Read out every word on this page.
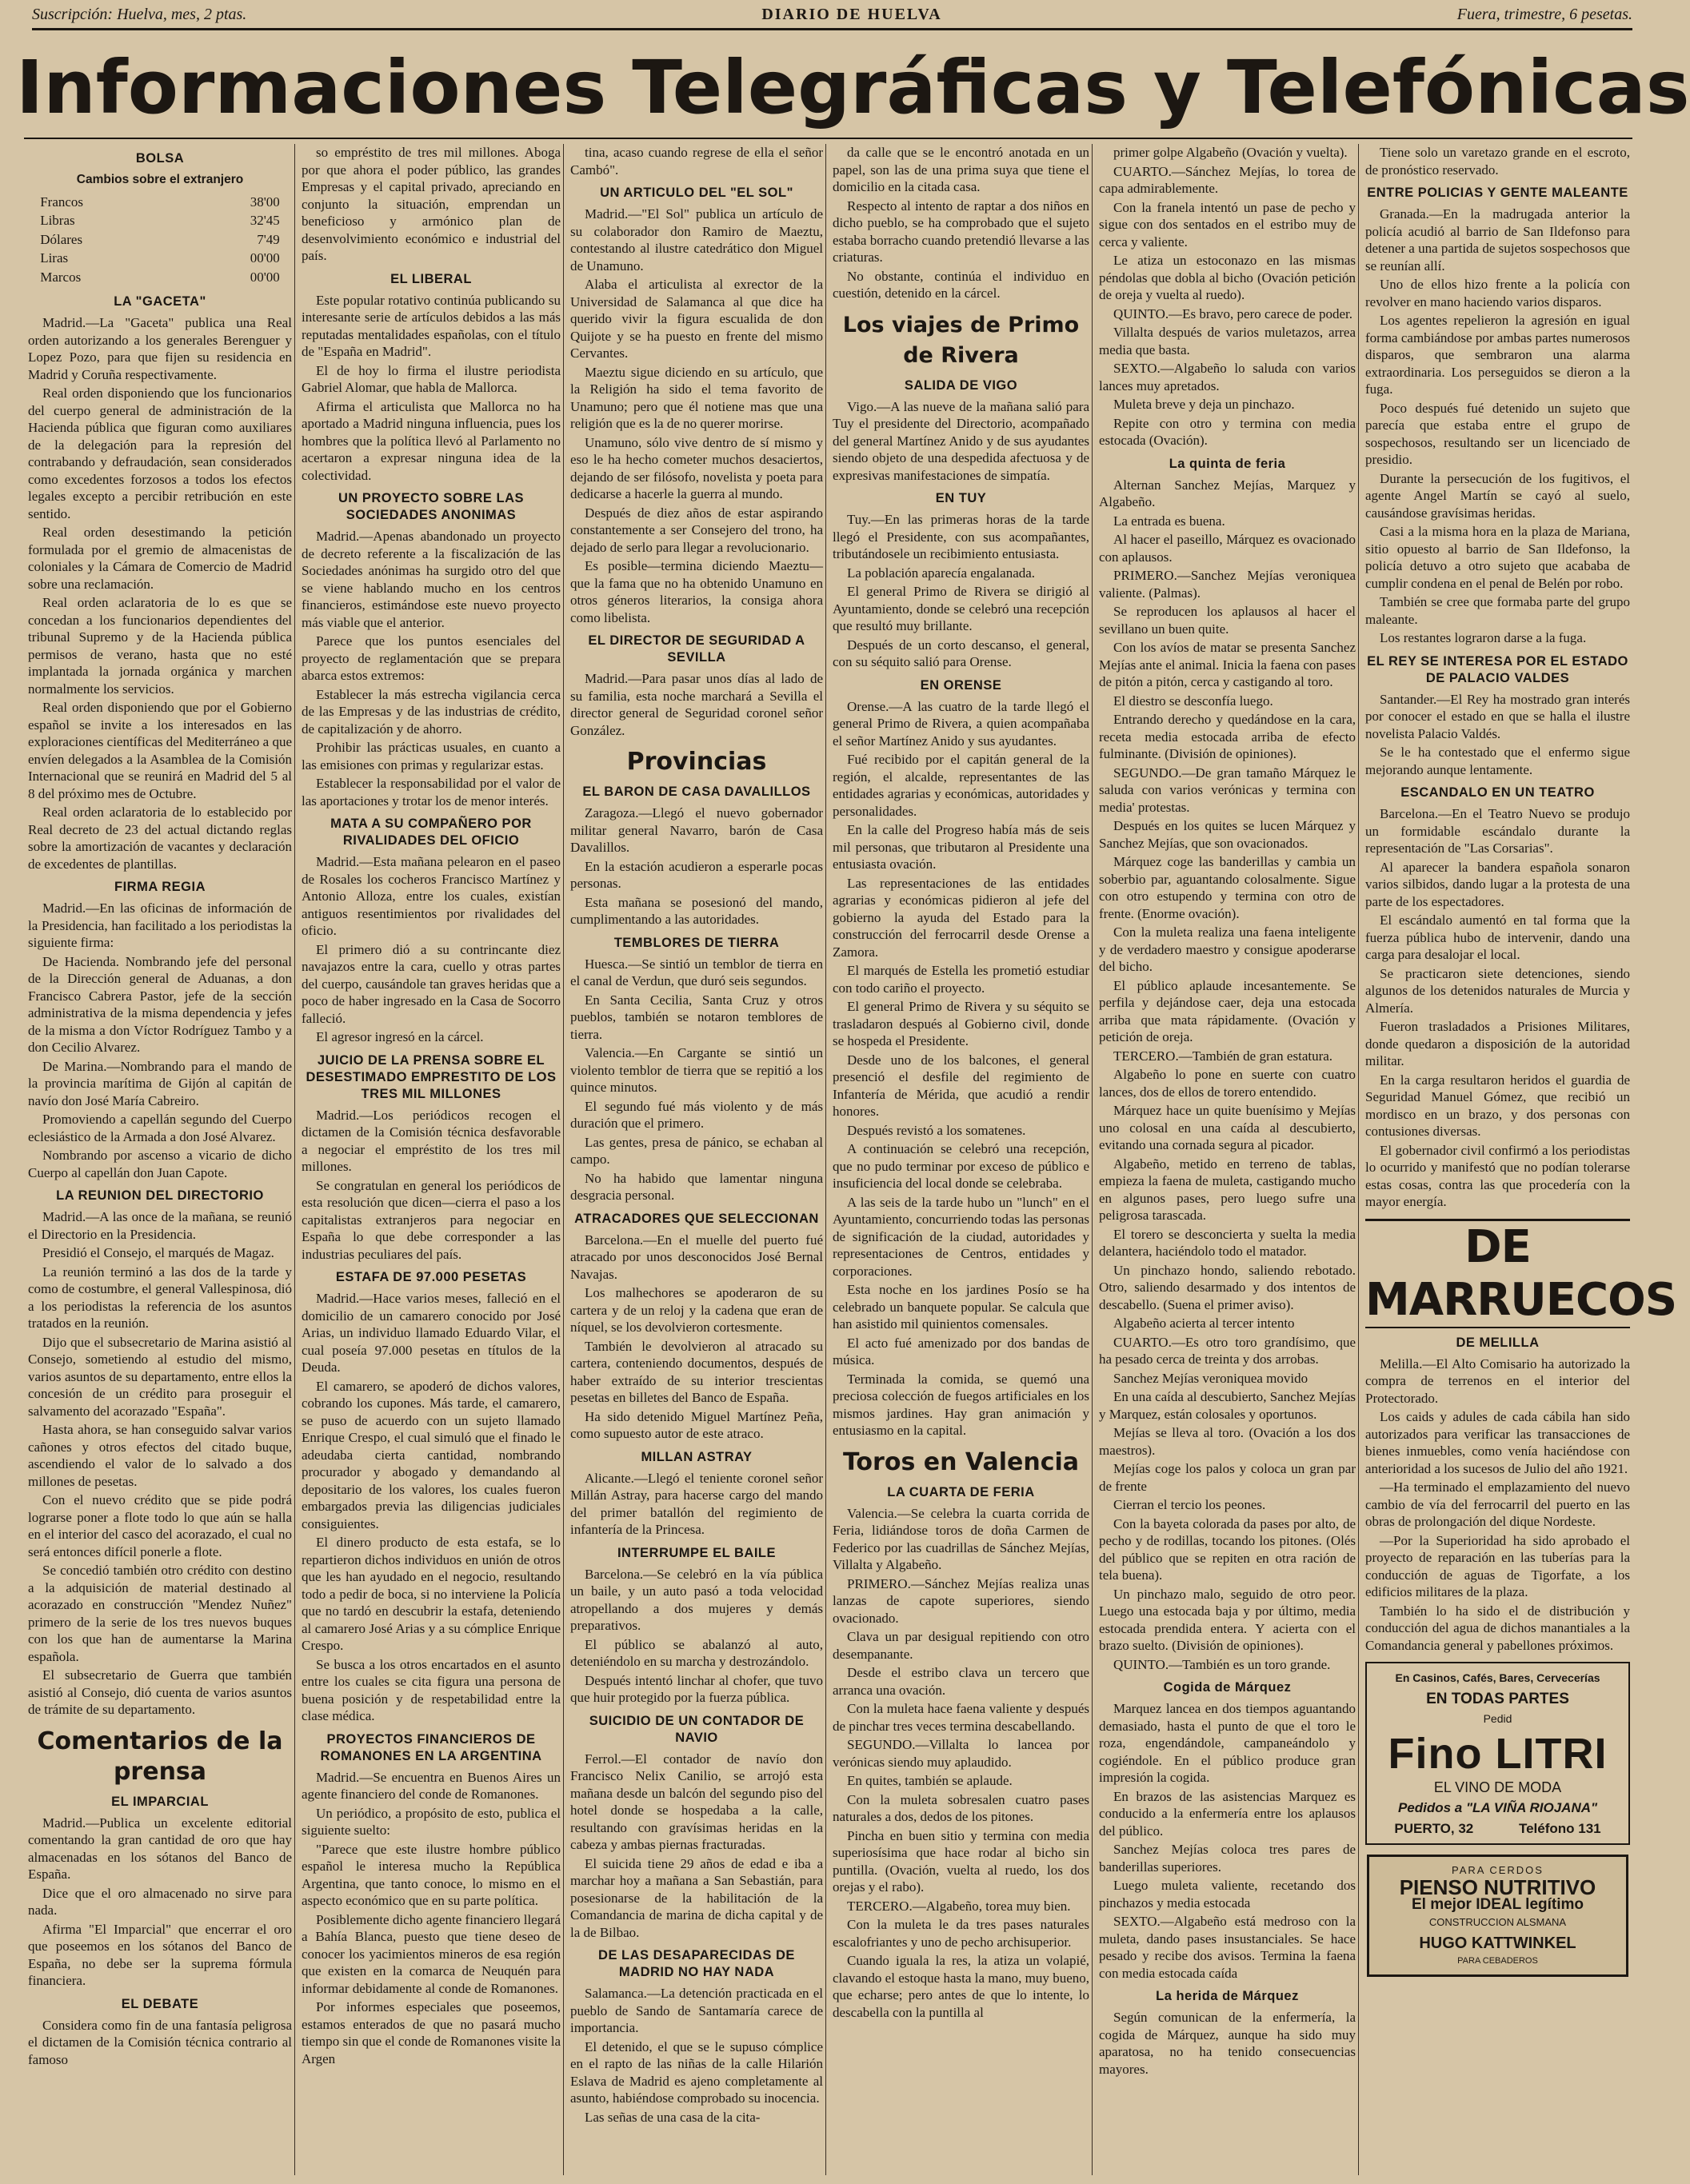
Suscripción: Huelva, mes, 2 ptas.	DIARIO DE HUELVA	Fuera, trimestre, 6 pesetas.
Informaciones Telegráficas y Telefónicas
BOLSA
Cambios sobre el extranjero
Francos	38'00
Libras	32'45
Dólares	7'49
Liras	00'00
Marcos	00'00
LA "GACETA"

Madrid.—La "Gaceta" publica una Real orden autorizando a los generales Berenguer y Lopez Pozo, para que fijen su residencia en Madrid y Coruña respectivamente.

Real orden disponiendo que los funcionarios del cuerpo general de administración de la Hacienda pública que figuran como auxiliares de la delegación para la represión del contrabando y defraudación, sean considerados como excedentes forzosos a todos los efectos legales excepto a percibir retribución en este sentido.

Real orden desestimando la petición formulada por el gremio de almacenistas de coloniales y la Cámara de Comercio de Madrid sobre una reclamación.

Real orden aclaratoria de lo es que se concedan a los funcionarios dependientes del tribunal Supremo y de la Hacienda pública permisos de verano, hasta que no esté implantada la jornada orgánica y marchen normalmente los servicios.

Real orden disponiendo que por el Gobierno español se invite a los interesados en las exploraciones científicas del Mediterráneo a que envíen delegados a la Asamblea de la Comisión Internacional que se reunirá en Madrid del 5 al 8 del próximo mes de Octubre.

Real orden aclaratoria de lo establecido por Real decreto de 23 del actual dictando reglas sobre la amortización de vacantes y declaración de excedentes de plantillas.

FIRMA REGIA

Madrid.—En las oficinas de información de la Presidencia, han facilitado a los periodistas la siguiente firma:

De Hacienda. Nombrando jefe del personal de la Dirección general de Aduanas, a don Francisco Cabrera Pastor, jefe de la sección administrativa de la misma dependencia y jefes de la misma a don Víctor Rodríguez Tambo y a don Cecilio Alvarez.

De Marina.—Nombrando para el mando de la provincia marítima de Gijón al capitán de navío don José María Cabreiro.

Promoviendo a capellán segundo del Cuerpo eclesiástico de la Armada a don José Alvarez.

Nombrando por ascenso a vicario de dicho Cuerpo al capellán don Juan Capote.

LA REUNION DEL DIRECTORIO

Madrid.—A las once de la mañana, se reunió el Directorio en la Presidencia.

Presidió el Consejo, el marqués de Magaz.

La reunión terminó a las dos de la tarde y como de costumbre, el general Vallespinosa, dió a los periodistas la referencia de los asuntos tratados en la reunión.

Dijo que el subsecretario de Marina asistió al Consejo, sometiendo al estudio del mismo, varios asuntos de su departamento, entre ellos la concesión de un crédito para proseguir el salvamento del acorazado "España".

Hasta ahora, se han conseguido salvar varios cañones y otros efectos del citado buque, ascendiendo el valor de lo salvado a dos millones de pesetas.

Con el nuevo crédito que se pide podrá lograrse poner a flote todo lo que aún se halla en el interior del casco del acorazado, el cual no será entonces difícil ponerle a flote.

Se concedió también otro crédito con destino a la adquisición de material destinado al acorazado en construcción "Mendez Nuñez" primero de la serie de los tres nuevos buques con los que han de aumentarse la Marina española.

El subsecretario de Guerra que también asistió al Consejo, dió cuenta de varios asuntos de trámite de su departamento.

Comentarios de la prensa
EL IMPARCIAL

Madrid.—Publica un excelente editorial comentando la gran cantidad de oro que hay almacenadas en los sótanos del Banco de España.

Dice que el oro almacenado no sirve para nada.

Afirma "El Imparcial" que encerrar el oro que poseemos en los sótanos del Banco de España, no debe ser la suprema fórmula financiera.

EL DEBATE

Considera como fin de una fantasía peligrosa el dictamen de la Comisión técnica contrario al famoso

so empréstito de tres mil millones. Aboga por que ahora el poder público, las grandes Empresas y el capital privado, apreciando en conjunto la situación, emprendan un beneficioso y armónico plan de desenvolvimiento económico e industrial del país.

EL LIBERAL

Este popular rotativo continúa publicando su interesante serie de artículos debidos a las más reputadas mentalidades españolas, con el título de "España en Madrid".

El de hoy lo firma el ilustre periodista Gabriel Alomar, que habla de Mallorca.

Afirma el articulista que Mallorca no ha aportado a Madrid ninguna influencia, pues los hombres que la política llevó al Parlamento no acertaron a expresar ninguna idea de la colectividad.

UN PROYECTO SOBRE LAS SOCIEDADES ANONIMAS

Madrid.—Apenas abandonado un proyecto de decreto referente a la fiscalización de las Sociedades anónimas ha surgido otro del que se viene hablando mucho en los centros financieros, estimándose este nuevo proyecto más viable que el anterior.

Parece que los puntos esenciales del proyecto de reglamentación que se prepara abarca estos extremos:

Establecer la más estrecha vigilancia cerca de las Empresas y de las industrias de crédito, de capitalización y de ahorro.

Prohibir las prácticas usuales, en cuanto a las emisiones con primas y regularizar estas.

Establecer la responsabilidad por el valor de las aportaciones y trotar los de menor interés.

MATA A SU COMPAÑERO POR RIVALIDADES DEL OFICIO

Madrid.—Esta mañana pelearon en el paseo de Rosales los cocheros Francisco Martínez y Antonio Alloza, entre los cuales, existían antiguos resentimientos por rivalidades del oficio.

El primero dió a su contrincante diez navajazos entre la cara, cuello y otras partes del cuerpo, causándole tan graves heridas que a poco de haber ingresado en la Casa de Socorro falleció.

El agresor ingresó en la cárcel.

JUICIO DE LA PRENSA SOBRE EL DESESTIMADO EMPRESTITO DE LOS TRES MIL MILLONES

Madrid.—Los periódicos recogen el dictamen de la Comisión técnica desfavorable a negociar el empréstito de los tres mil millones.

Se congratulan en general los periódicos de esta resolución que dicen—cierra el paso a los capitalistas extranjeros para negociar en España lo que debe corresponder a las industrias peculiares del país.

ESTAFA DE 97.000 PESETAS

Madrid.—Hace varios meses, falleció en el domicilio de un camarero conocido por José Arias, un individuo llamado Eduardo Vilar, el cual poseía 97.000 pesetas en títulos de la Deuda.

El camarero, se apoderó de dichos valores, cobrando los cupones. Más tarde, el camarero, se puso de acuerdo con un sujeto llamado Enrique Crespo, el cual simuló que el finado le adeudaba cierta cantidad, nombrando procurador y abogado y demandando al depositario de los valores, los cuales fueron embargados previa las diligencias judiciales consiguientes.

El dinero producto de esta estafa, se lo repartieron dichos individuos en unión de otros que les han ayudado en el negocio, resultando todo a pedir de boca, si no interviene la Policía que no tardó en descubrir la estafa, deteniendo al camarero José Arias y a su cómplice Enrique Crespo.

Se busca a los otros encartados en el asunto entre los cuales se cita figura una persona de buena posición y de respetabilidad entre la clase médica.

PROYECTOS FINANCIEROS DE ROMANONES EN LA ARGENTINA

Madrid.—Se encuentra en Buenos Aires un agente financiero del conde de Romanones.

Un periódico, a propósito de esto, publica el siguiente suelto:

"Parece que este ilustre hombre público español le interesa mucho la República Argentina, que tanto conoce, lo mismo en el aspecto económico que en su parte política.

Posiblemente dicho agente financiero llegará a Bahía Blanca, puesto que tiene deseo de conocer los yacimientos mineros de esa región que existen en la comarca de Neuquén para informar debidamente al conde de Romanones.

Por informes especiales que poseemos, estamos enterados de que no pasará mucho tiempo sin que el conde de Romanones visite la Argen

tina, acaso cuando regrese de ella el señor Cambó".

UN ARTICULO DEL "EL SOL"

Madrid.—"El Sol" publica un artículo de su colaborador don Ramiro de Maeztu, contestando al ilustre catedrático don Miguel de Unamuno.

Alaba el articulista al exrector de la Universidad de Salamanca al que dice ha querido vivir la figura escualida de don Quijote y se ha puesto en frente del mismo Cervantes.

Maeztu sigue diciendo en su artículo, que la Religión ha sido el tema favorito de Unamuno; pero que él notiene mas que una religión que es la de no querer morirse.

Unamuno, sólo vive dentro de sí mismo y eso le ha hecho cometer muchos desaciertos, dejando de ser filósofo, novelista y poeta para dedicarse a hacerle la guerra al mundo.

Después de diez años de estar aspirando constantemente a ser Consejero del trono, ha dejado de serlo para llegar a revolucionario.

Es posible—termina diciendo Maeztu—que la fama que no ha obtenido Unamuno en otros géneros literarios, la consiga ahora como libelista.

EL DIRECTOR DE SEGURIDAD A SEVILLA

Madrid.—Para pasar unos días al lado de su familia, esta noche marchará a Sevilla el director general de Seguridad coronel señor González.

Provincias
EL BARON DE CASA DAVALILLOS

Zaragoza.—Llegó el nuevo gobernador militar general Navarro, barón de Casa Davalillos.

En la estación acudieron a esperarle pocas personas.

Esta mañana se posesionó del mando, cumplimentando a las autoridades.

TEMBLORES DE TIERRA

Huesca.—Se sintió un temblor de tierra en el canal de Verdun, que duró seis segundos.

En Santa Cecilia, Santa Cruz y otros pueblos, también se notaron temblores de tierra.

Valencia.—En Cargante se sintió un violento temblor de tierra que se repitió a los quince minutos.

El segundo fué más violento y de más duración que el primero.

Las gentes, presa de pánico, se echaban al campo.

No ha habido que lamentar ninguna desgracia personal.

ATRACADORES QUE SELECCIONAN

Barcelona.—En el muelle del puerto fué atracado por unos desconocidos José Bernal Navajas.

Los malhechores se apoderaron de su cartera y de un reloj y la cadena que eran de níquel, se los devolvieron cortesmente.

También le devolvieron al atracado su cartera, conteniendo documentos, después de haber extraído de su interior trescientas pesetas en billetes del Banco de España.

Ha sido detenido Miguel Martínez Peña, como supuesto autor de este atraco.

MILLAN ASTRAY

Alicante.—Llegó el teniente coronel señor Millán Astray, para hacerse cargo del mando del primer batallón del regimiento de infantería de la Princesa.

INTERRUMPE EL BAILE

Barcelona.—Se celebró en la vía pública un baile, y un auto pasó a toda velocidad atropellando a dos mujeres y demás preparativos.

El público se abalanzó al auto, deteniéndolo en su marcha y destrozándolo.

Después intentó linchar al chofer, que tuvo que huir protegido por la fuerza pública.

SUICIDIO DE UN CONTADOR DE NAVIO

Ferrol.—El contador de navío don Francisco Nelix Canilio, se arrojó esta mañana desde un balcón del segundo piso del hotel donde se hospedaba a la calle, resultando con gravísimas heridas en la cabeza y ambas piernas fracturadas.

El suicida tiene 29 años de edad e iba a marchar hoy a mañana a San Sebastián, para posesionarse de la habilitación de la Comandancia de marina de dicha capital y de la de Bilbao.

DE LAS DESAPARECIDAS DE MADRID NO HAY NADA

Salamanca.—La detención practicada en el pueblo de Sando de Santamaría carece de importancia.

El detenido, el que se le supuso cómplice en el rapto de las niñas de la calle Hilarión Eslava de Madrid es ajeno completamente al asunto, habiéndose comprobado su inocencia.

Las señas de una casa de la cita-

da calle que se le encontró anotada en un papel, son las de una prima suya que tiene el domicilio en la citada casa.

Respecto al intento de raptar a dos niños en dicho pueblo, se ha comprobado que el sujeto estaba borracho cuando pretendió llevarse a las criaturas.

No obstante, continúa el individuo en cuestión, detenido en la cárcel.

Los viajes de Primo de Rivera
SALIDA DE VIGO

Vigo.—A las nueve de la mañana salió para Tuy el presidente del Directorio, acompañado del general Martínez Anido y de sus ayudantes siendo objeto de una despedida afectuosa y de expresivas manifestaciones de simpatía.

EN TUY

Tuy.—En las primeras horas de la tarde llegó el Presidente, con sus acompañantes, tributándosele un recibimiento entusiasta.

La población aparecía engalanada.

El general Primo de Rivera se dirigió al Ayuntamiento, donde se celebró una recepción que resultó muy brillante.

Después de un corto descanso, el general, con su séquito salió para Orense.

EN ORENSE

Orense.—A las cuatro de la tarde llegó el general Primo de Rivera, a quien acompañaba el señor Martínez Anido y sus ayudantes.

Fué recibido por el capitán general de la región, el alcalde, representantes de las entidades agrarias y económicas, autoridades y personalidades.

En la calle del Progreso había más de seis mil personas, que tributaron al Presidente una entusiasta ovación.

Las representaciones de las entidades agrarias y económicas pidieron al jefe del gobierno la ayuda del Estado para la construcción del ferrocarril desde Orense a Zamora.

El marqués de Estella les prometió estudiar con todo cariño el proyecto.

El general Primo de Rivera y su séquito se trasladaron después al Gobierno civil, donde se hospeda el Presidente.

Desde uno de los balcones, el general presenció el desfile del regimiento de Infantería de Mérida, que acudió a rendir honores.

Después revistó a los somatenes.

A continuación se celebró una recepción, que no pudo terminar por exceso de público e insuficiencia del local donde se celebraba.

A las seis de la tarde hubo un "lunch" en el Ayuntamiento, concurriendo todas las personas de significación de la ciudad, autoridades y representaciones de Centros, entidades y corporaciones.

Esta noche en los jardines Posío se ha celebrado un banquete popular. Se calcula que han asistido mil quinientos comensales.

El acto fué amenizado por dos bandas de música.

Terminada la comida, se quemó una preciosa colección de fuegos artificiales en los mismos jardines. Hay gran animación y entusiasmo en la capital.

Toros en Valencia
LA CUARTA DE FERIA

Valencia.—Se celebra la cuarta corrida de Feria, lidiándose toros de doña Carmen de Federico por las cuadrillas de Sánchez Mejías, Villalta y Algabeño.

PRIMERO.—Sánchez Mejías realiza unas lanzas de capote superiores, siendo ovacionado.

Clava un par desigual repitiendo con otro desempanante.

Desde el estribo clava un tercero que arranca una ovación.

Con la muleta hace faena valiente y después de pinchar tres veces termina descabellando.

SEGUNDO.—Villalta lo lancea por verónicas siendo muy aplaudido.

En quites, también se aplaude.

Con la muleta sobresalen cuatro pases naturales a dos, dedos de los pitones.

Pincha en buen sitio y termina con media superiosísima que hace rodar al bicho sin puntilla. (Ovación, vuelta al ruedo, los dos orejas y el rabo).

TERCERO.—Algabeño, torea muy bien.

Con la muleta le da tres pases naturales escalofriantes y uno de pecho archisuperior.

Cuando iguala la res, la atiza un volapié, clavando el estoque hasta la mano, muy bueno, que echarse; pero antes de que lo intente, lo descabella con la puntilla al

primer golpe Algabeño (Ovación y vuelta).

CUARTO.—Sánchez Mejías, lo torea de capa admirablemente.

Con la franela intentó un pase de pecho y sigue con dos sentados en el estribo muy de cerca y valiente.

Le atiza un estoconazo en las mismas péndolas que dobla al bicho (Ovación petición de oreja y vuelta al ruedo).

QUINTO.—Es bravo, pero carece de poder.

Villalta después de varios muletazos, arrea media que basta.

SEXTO.—Algabeño lo saluda con varios lances muy apretados.

Muleta breve y deja un pinchazo.

Repite con otro y termina con media estocada (Ovación).

La quinta de feria

Alternan Sanchez Mejías, Marquez y Algabeño.

La entrada es buena.

Al hacer el paseillo, Márquez es ovacionado con aplausos.

PRIMERO.—Sanchez Mejías veroniquea valiente. (Palmas).

Se reproducen los aplausos al hacer el sevillano un buen quite.

Con los avíos de matar se presenta Sanchez Mejías ante el animal. Inicia la faena con pases de pitón a pitón, cerca y castigando al toro.

El diestro se desconfía luego.

Entrando derecho y quedándose en la cara, receta media estocada arriba de efecto fulminante. (División de opiniones).

SEGUNDO.—De gran tamaño Márquez le saluda con varios verónicas y termina con media' protestas.

Después en los quites se lucen Márquez y Sanchez Mejías, que son ovacionados.

Márquez coge las banderillas y cambia un soberbio par, aguantando colosalmente. Sigue con otro estupendo y termina con otro de frente. (Enorme ovación).

Con la muleta realiza una faena inteligente y de verdadero maestro y consigue apoderarse del bicho.

El público aplaude incesantemente. Se perfila y dejándose caer, deja una estocada arriba que mata rápidamente. (Ovación y petición de oreja.

TERCERO.—También de gran estatura.

Algabeño lo pone en suerte con cuatro lances, dos de ellos de torero entendido.

Márquez hace un quite buenísimo y Mejías uno colosal en una caída al descubierto, evitando una cornada segura al picador.

Algabeño, metido en terreno de tablas, empieza la faena de muleta, castigando mucho en algunos pases, pero luego sufre una peligrosa tarascada.

El torero se desconcierta y suelta la media delantera, haciéndolo todo el matador.

Un pinchazo hondo, saliendo rebotado. Otro, saliendo desarmado y dos intentos de descabello. (Suena el primer aviso).

Algabeño acierta al tercer intento

CUARTO.—Es otro toro grandísimo, que ha pesado cerca de treinta y dos arrobas.

Sanchez Mejías veroniquea movido

En una caída al descubierto, Sanchez Mejías y Marquez, están colosales y oportunos.

Mejías se lleva al toro. (Ovación a los dos maestros).

Mejías coge los palos y coloca un gran par de frente

Cierran el tercio los peones.

Con la bayeta colorada da pases por alto, de pecho y de rodillas, tocando los pitones. (Olés del público que se repiten en otra ración de tela buena).

Un pinchazo malo, seguido de otro peor. Luego una estocada baja y por último, media estocada prendida entera. Y acierta con el brazo suelto. (División de opiniones).

QUINTO.—También es un toro grande.

Cogida de Márquez

Marquez lancea en dos tiempos aguantando demasiado, hasta el punto de que el toro le roza, engendándole, campaneándolo y cogiéndole. En el público produce gran impresión la cogida.

En brazos de las asistencias Marquez es conducido a la enfermería entre los aplausos del público.

Sanchez Mejías coloca tres pares de banderillas superiores.

Luego muleta valiente, recetando dos pinchazos y media estocada

SEXTO.—Algabeño está medroso con la muleta, dando pases insustanciales. Se hace pesado y recibe dos avisos. Termina la faena con media estocada caída

La herida de Márquez

Según comunican de la enfermería, la cogida de Márquez, aunque ha sido muy aparatosa, no ha tenido consecuencias mayores.

Tiene solo un varetazo grande en el escroto, de pronóstico reservado.

ENTRE POLICIAS Y GENTE MALEANTE

Granada.—En la madrugada anterior la policía acudió al barrio de San Ildefonso para detener a una partida de sujetos sospechosos que se reunían allí.

Uno de ellos hizo frente a la policía con revolver en mano haciendo varios disparos.

Los agentes repelieron la agresión en igual forma cambiándose por ambas partes numerosos disparos, que sembraron una alarma extraordinaria. Los perseguidos se dieron a la fuga.

Poco después fué detenido un sujeto que parecía que estaba entre el grupo de sospechosos, resultando ser un licenciado de presidio.

Durante la persecución de los fugitivos, el agente Angel Martín se cayó al suelo, causándose gravísimas heridas.

Casi a la misma hora en la plaza de Mariana, sitio opuesto al barrio de San Ildefonso, la policía detuvo a otro sujeto que acababa de cumplir condena en el penal de Belén por robo.

También se cree que formaba parte del grupo maleante.

Los restantes lograron darse a la fuga.

EL REY SE INTERESA POR EL ESTADO DE PALACIO VALDES

Santander.—El Rey ha mostrado gran interés por conocer el estado en que se halla el ilustre novelista Palacio Valdés.

Se le ha contestado que el enfermo sigue mejorando aunque lentamente.

ESCANDALO EN UN TEATRO

Barcelona.—En el Teatro Nuevo se produjo un formidable escándalo durante la representación de "Las Corsarias".

Al aparecer la bandera española sonaron varios silbidos, dando lugar a la protesta de una parte de los espectadores.

El escándalo aumentó en tal forma que la fuerza pública hubo de intervenir, dando una carga para desalojar el local.

Se practicaron siete detenciones, siendo algunos de los detenidos naturales de Murcia y Almería.

Fueron trasladados a Prisiones Militares, donde quedaron a disposición de la autoridad militar.

En la carga resultaron heridos el guardia de Seguridad Manuel Gómez, que recibió un mordisco en un brazo, y dos personas con contusiones diversas.

El gobernador civil confirmó a los periodistas lo ocurrido y manifestó que no podían tolerarse estas cosas, contra las que procedería con la mayor energía.

DE MARRUECOS
DE MELILLA

Melilla.—El Alto Comisario ha autorizado la compra de terrenos en el interior del Protectorado.

Los caids y adules de cada cábila han sido autorizados para verificar las transacciones de bienes inmuebles, como venía haciéndose con anterioridad a los sucesos de Julio del año 1921.

—Ha terminado el emplazamiento del nuevo cambio de vía del ferrocarril del puerto en las obras de prolongación del dique Nordeste.

—Por la Superioridad ha sido aprobado el proyecto de reparación en las tuberías para la conducción de aguas de Tigorfate, a los edificios militares de la plaza.

También lo ha sido el de distribución y conducción del agua de dichos manantiales a la Comandancia general y pabellones próximos.

En Casinos, Cafés, Bares, Cervecerías
EN TODAS PARTES
Pedid
Fino LITRI
EL VINO DE MODA
Pedidos a "LA VIÑA RIOJANA"
PUERTO, 32	Teléfono 131
PARA CERDOS
PIENSO NUTRITIVO
El mejor IDEAL legítimo
CONSTRUCCION ALSMANA
HUGO KATTWINKEL
PARA CEBADEROS
